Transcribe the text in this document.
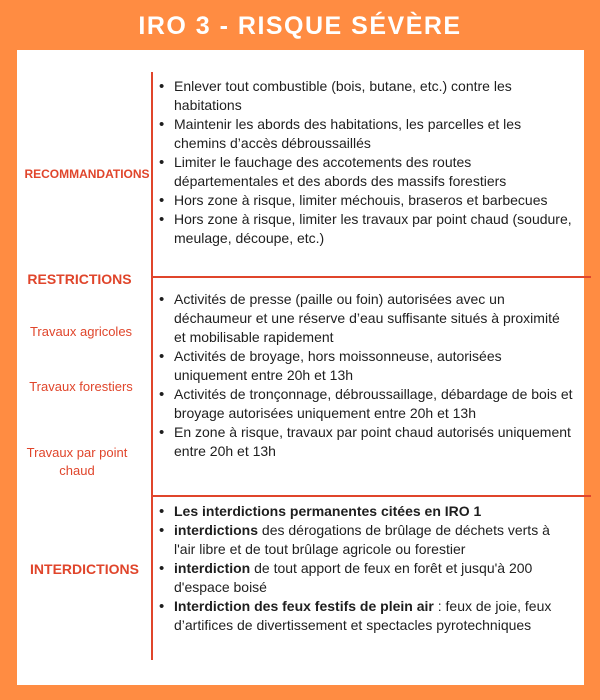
IRO 3 - RISQUE SÉVÈRE
RECOMMANDATIONS
RESTRICTIONS
Travaux agricoles
Travaux forestiers
Travaux par point chaud
INTERDICTIONS
• Enlever tout combustible (bois, butane, etc.) contre les habitations
• Maintenir les abords des habitations, les parcelles et les chemins d’accès débroussaillés
• Limiter le fauchage des accotements des routes départementales et des abords des massifs forestiers
• Hors zone à risque, limiter méchouis, braseros et barbecues
• Hors zone à risque, limiter les travaux par point chaud (soudure, meulage, découpe, etc.)
• Activités de presse (paille ou foin) autorisées avec un déchaumeur et une réserve d’eau suffisante situés à proximité et mobilisable rapidement
• Activités de broyage, hors moissonneuse, autorisées uniquement entre 20h et 13h
• Activités de tronçonnage, débroussaillage, débardage de bois et broyage autorisées uniquement entre 20h et 13h
• En zone à risque, travaux par point chaud autorisés uniquement entre 20h et 13h
• Les interdictions permanentes citées en IRO 1
• interdictions des dérogations de brûlage de déchets verts à l'air libre et de tout brûlage agricole ou forestier
• interdiction de tout apport de feux en forêt et jusqu'à 200 d'espace boisé
• Interdiction des feux festifs de plein air : feux de joie, feux d’artifices de divertissement et spectacles pyrotechniques
